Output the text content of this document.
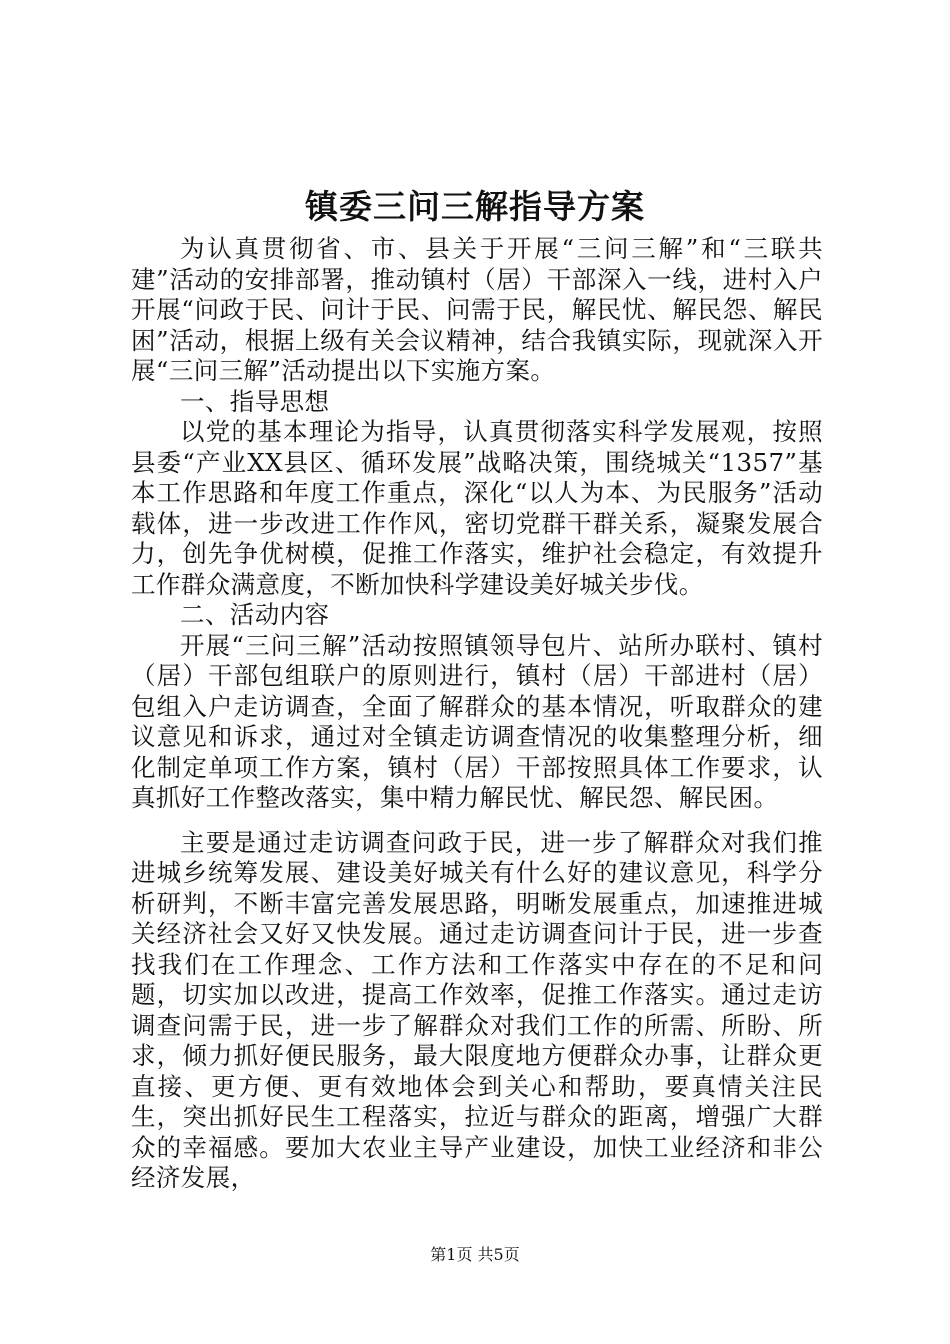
镇委三问三解指导方案

为认真贯彻省、市、县关于开展“三问三解”和“三联共建”活动的安排部署，推动镇村（居）干部深入一线，进村入户开展“问政于民、问计于民、问需于民，解民忧、解民怨、解民困”活动，根据上级有关会议精神，结合我镇实际，现就深入开展“三问三解”活动提出以下实施方案。

一、指导思想

以党的基本理论为指导，认真贯彻落实科学发展观，按照县委“产业XX县区、循环发展”战略决策，围绕城关“1357”基本工作思路和年度工作重点，深化“以人为本、为民服务”活动载体，进一步改进工作作风，密切党群干群关系，凝聚发展合力，创先争优树模，促推工作落实，维护社会稳定，有效提升工作群众满意度，不断加快科学建设美好城关步伐。

二、活动内容

开展“三问三解”活动按照镇领导包片、站所办联村、镇村（居）干部包组联户的原则进行，镇村（居）干部进村（居）包组入户走访调查，全面了解群众的基本情况，听取群众的建议意见和诉求，通过对全镇走访调查情况的收集整理分析，细化制定单项工作方案，镇村（居）干部按照具体工作要求，认真抓好工作整改落实，集中精力解民忧、解民怨、解民困。

主要是通过走访调查问政于民，进一步了解群众对我们推进城乡统筹发展、建设美好城关有什么好的建议意见，科学分析研判，不断丰富完善发展思路，明晰发展重点，加速推进城关经济社会又好又快发展。通过走访调查问计于民，进一步查找我们在工作理念、工作方法和工作落实中存在的不足和问题，切实加以改进，提高工作效率，促推工作落实。通过走访调查问需于民，进一步了解群众对我们工作的所需、所盼、所求，倾力抓好便民服务，最大限度地方便群众办事，让群众更直接、更方便、更有效地体会到关心和帮助，要真情关注民生，突出抓好民生工程落实，拉近与群众的距离，增强广大群众的幸福感。要加大农业主导产业建设，加快工业经济和非公经济发展，

第1页 共5页
